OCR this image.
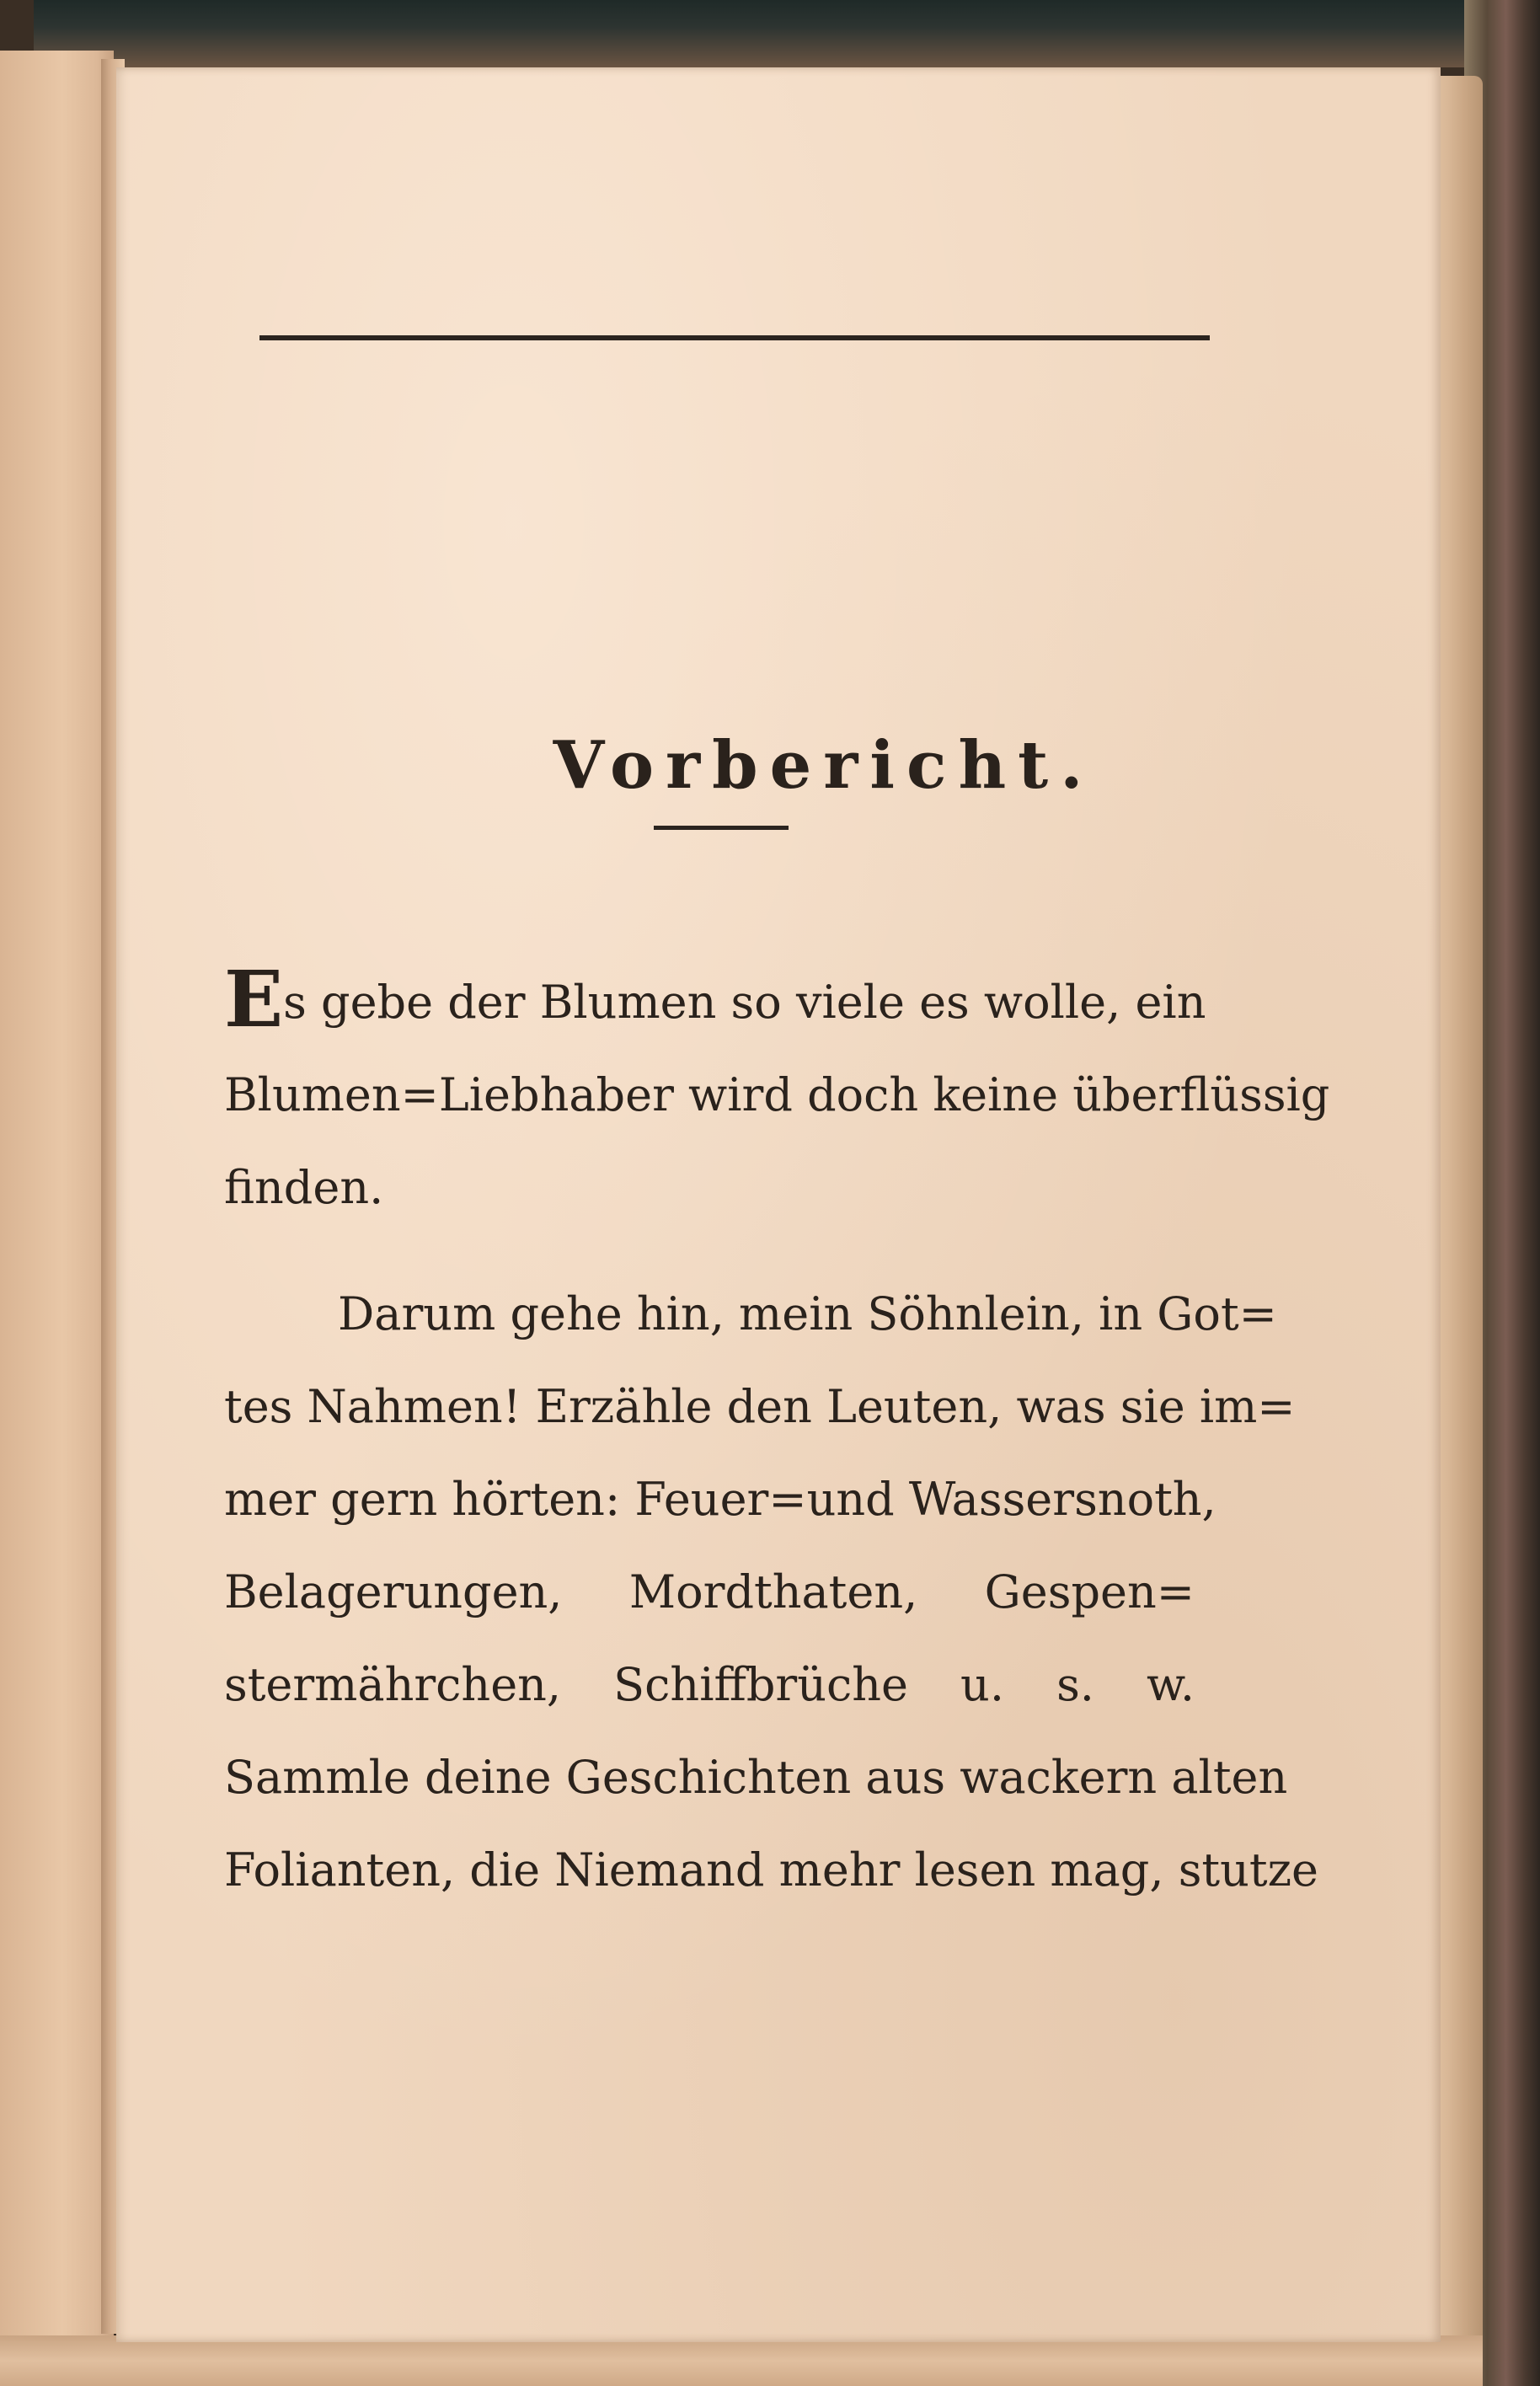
Vorbericht.
Es gebe der Blumen so viele es wolle, ein
Blumen=Liebhaber wird doch keine überflüssig
finden.
Darum gehe hin, mein Söhnlein, in Got=
tes Nahmen! Erzähle den Leuten, was sie im=
mer gern hörten: Feuer=und Wassersnoth,
Belagerungen, Mordthaten, Gespen=
stermährchen, Schiffbrüche u. s. w.
Sammle deine Geschichten aus wackern alten
Folianten, die Niemand mehr lesen mag, stutze
